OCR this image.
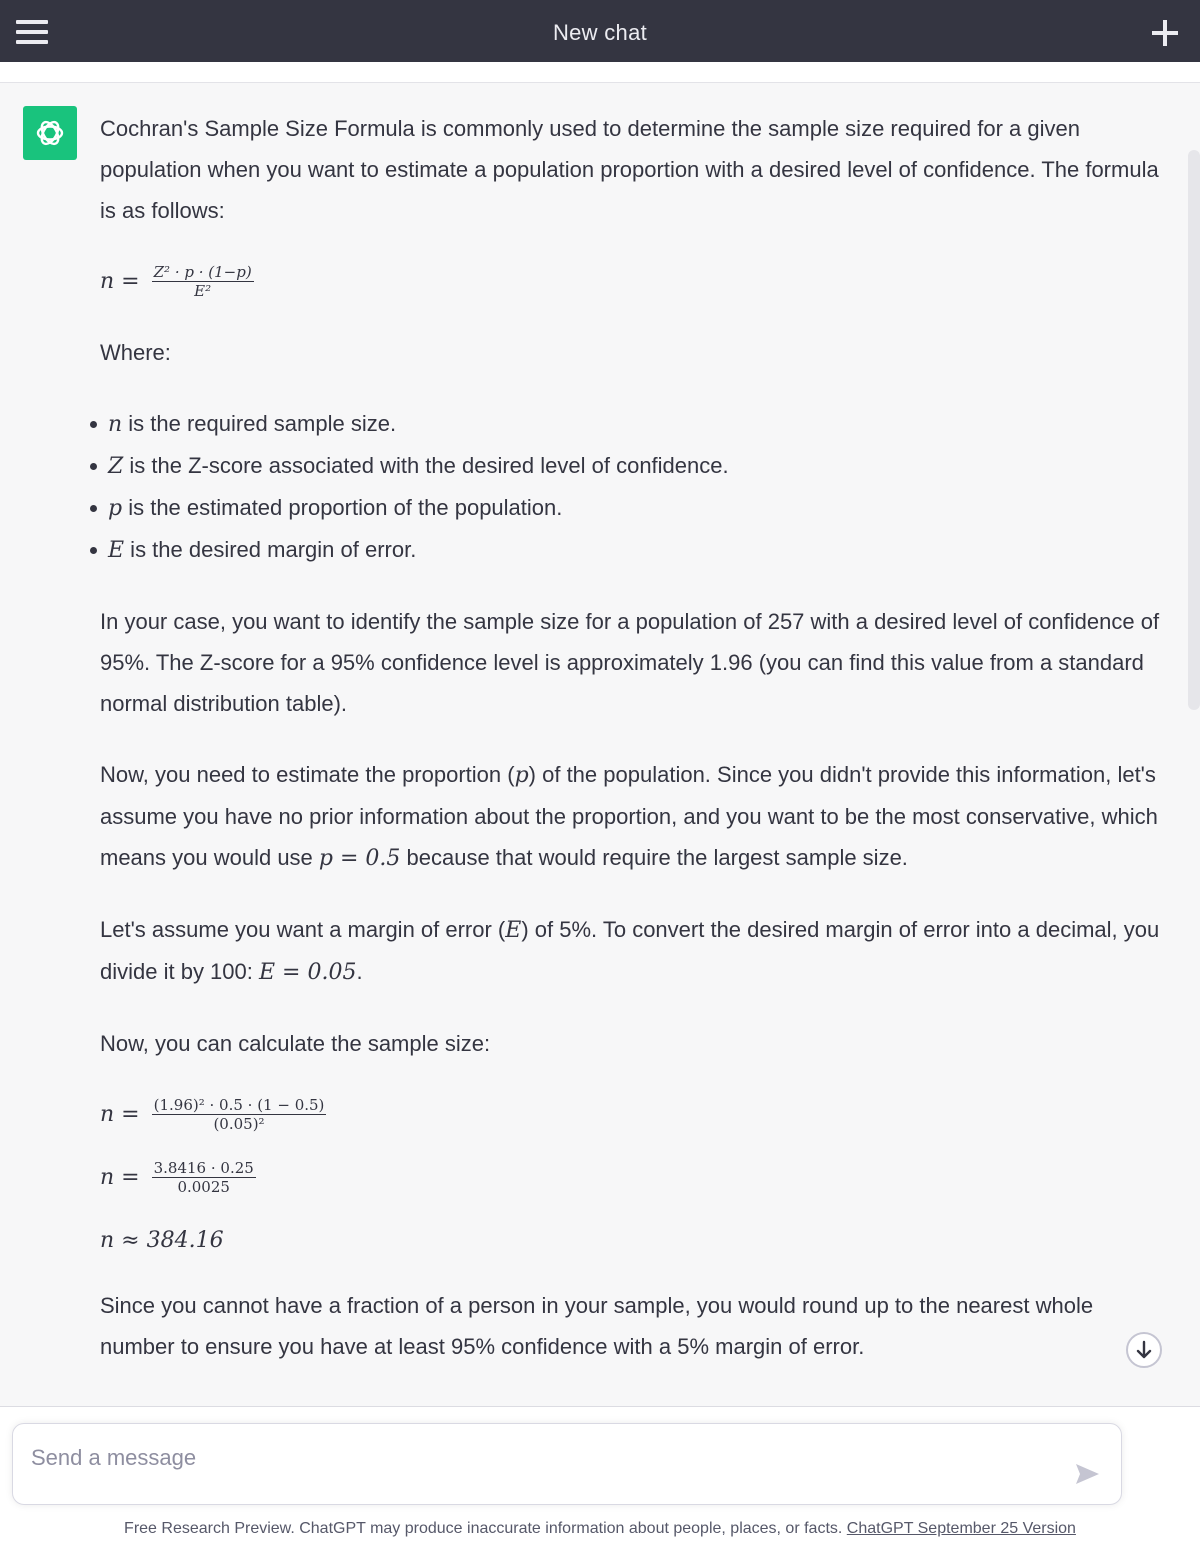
New chat

Cochran's Sample Size Formula is commonly used to determine the sample size required for a given population when you want to estimate a population proportion with a desired level of confidence. The formula is as follows:

$n = \frac{\text{Z² · p · (1−p)}}{\text{E²}}$

Where:

n is the required sample size.
Z is the Z-score associated with the desired level of confidence.
p is the estimated proportion of the population.
E is the desired margin of error.

In your case, you want to identify the sample size for a population of 257 with a desired level of confidence of 95%. The Z-score for a 95% confidence level is approximately 1.96 (you can find this value from a standard normal distribution table).

Now, you need to estimate the proportion (p) of the population. Since you didn't provide this information, let's assume you have no prior information about the proportion, and you want to be the most conservative, which means you would use p = 0.5 because that would require the largest sample size.

Let's assume you want a margin of error (E) of 5%. To convert the desired margin of error into a decimal, you divide it by 100: E = 0.05.

Now, you can calculate the sample size:

$n = \frac{\text{(1.96)² · 0.5 · (1 − 0.5)}}{\text{(0.05)²}}$
$n = \frac{3.8416 \cdot 0.25}{0.0025}$
n ≈ 384.16

Since you cannot have a fraction of a person in your sample, you would round up to the nearest whole number to ensure you have at least 95% confidence with a 5% margin of error.

Send a message
Free Research Preview. ChatGPT may produce inaccurate information about people, places, or facts. ChatGPT September 25 Version
